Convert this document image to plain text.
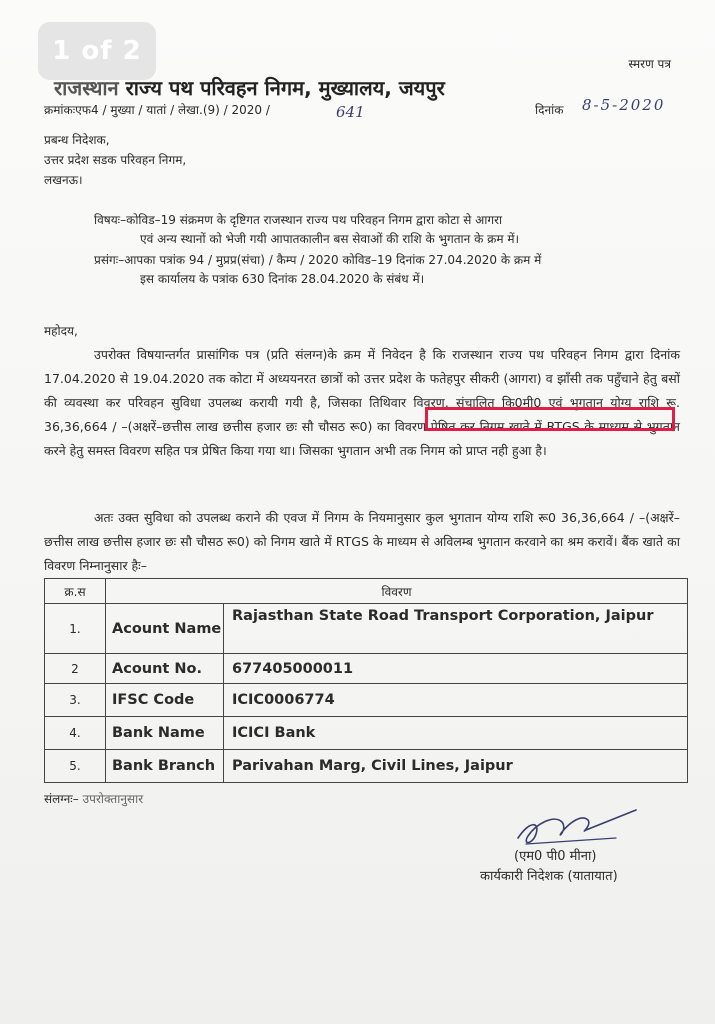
1 of 2	स्मरण पत्र
राजस्थान राज्य पथ परिवहन निगम, मुख्यालय, जयपुर
क्रमांकःएफ4 / मुख्या / यातां / लेखा.(9) / 2020 /	641	दिनांक 8-5-2020
प्रबन्ध निदेशक,
उत्तर प्रदेश सडक परिवहन निगम,
लखनऊ।
विषयः–कोविड–19 संक्रमण के दृष्टिगत राजस्थान राज्य पथ परिवहन निगम द्वारा कोटा से आगरा
एवं अन्य स्थानों को भेजी गयी आपातकालीन बस सेवाओं की राशि के भुगतान के क्रम में।
प्रसंगः–आपका पत्रांक 94 / मुप्रप्र(संचा) / कैम्प / 2020 कोविड–19 दिनांक 27.04.2020 के क्रम में
इस कार्यालय के पत्रांक 630 दिनांक 28.04.2020 के संबंध में।
महोदय,
उपरोक्त विषयान्तर्गत प्रासांगिक पत्र (प्रति संलग्न)के क्रम में निवेदन है कि राजस्थान राज्य पथ परिवहन निगम द्वारा दिनांक 17.04.2020 से 19.04.2020 तक कोटा में अध्ययनरत छात्रों को उत्तर प्रदेश के फतेहपुर सीकरी (आगरा) व झाँसी तक पहुँचाने हेतु बसों की व्यवस्था कर परिवहन सुविधा उपलब्ध करायी गयी है, जिसका तिथिवार विवरण, संचालित कि0मी0 एवं भुगतान योग्य राशि रू. 36,36,664 / –(अक्षरें–छत्तीस लाख छत्तीस हजार छः सौ चौसठ रू0) का विवरण प्रेषित कर निगम खाते में RTGS के माध्यम से भुगतान करने हेतु समस्त विवरण सहित पत्र प्रेषित किया गया था। जिसका भुगतान अभी तक निगम को प्राप्त नही हुआ है।
अतः उक्त सुविधा को उपलब्ध कराने की एवज में निगम के नियमानुसार कुल भुगतान योग्य राशि रू0 36,36,664 / –(अक्षरें–छत्तीस लाख छत्तीस हजार छः सौ चौसठ रू0) को निगम खाते में RTGS के माध्यम से अविलम्ब भुगतान करवाने का श्रम करावें। बैंक खाते का विवरण निम्नानुसार हैः–
क्र.स	विवरण	
1.	Acount Name	Rajasthan State Road Transport Corporation, Jaipur
2	Acount No.	677405000011
3.	IFSC Code	ICIC0006774
4.	Bank Name	ICICI Bank
5.	Bank Branch	Parivahan Marg, Civil Lines, Jaipur
संलग्नः– उपरोक्तानुसार
(एम0 पी0 मीना)
कार्यकारी निदेशक (यातायात)
